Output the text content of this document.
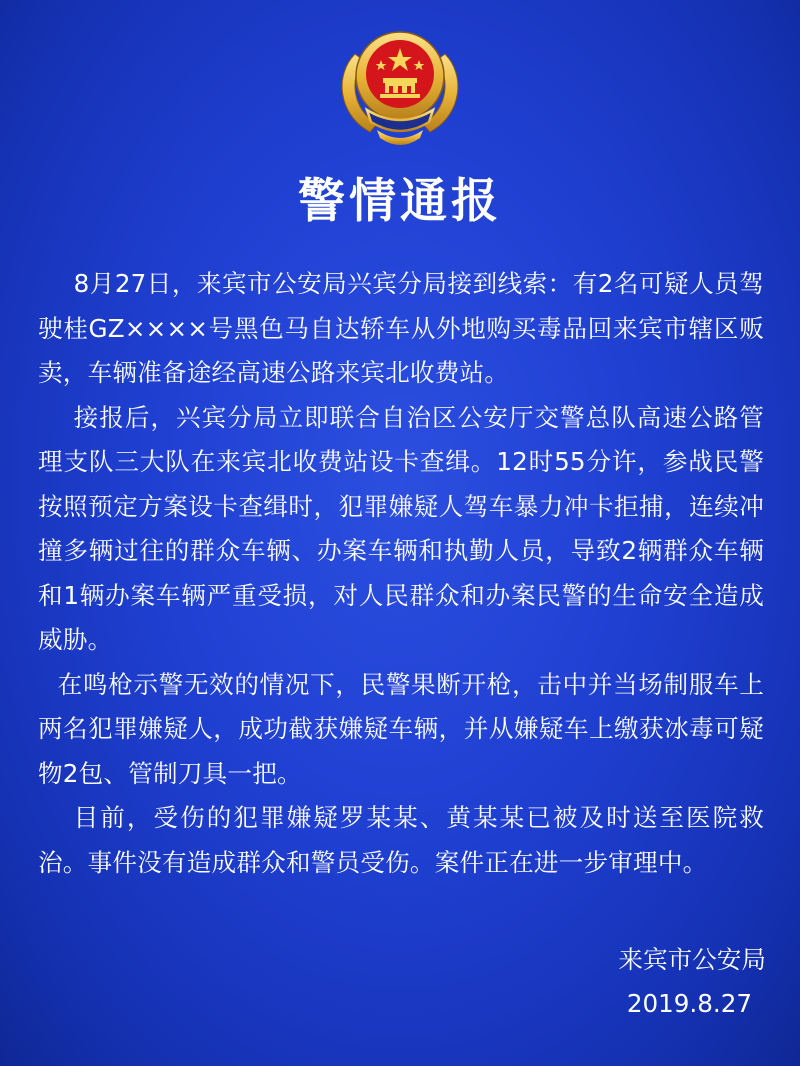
警情通报

8月27日，来宾市公安局兴宾分局接到线索：有2名可疑人员驾驶桂GZ××××号黑色马自达轿车从外地购买毒品回来宾市辖区贩卖，车辆准备途经高速公路来宾北收费站。

接报后，兴宾分局立即联合自治区公安厅交警总队高速公路管理支队三大队在来宾北收费站设卡查缉。12时55分许，参战民警按照预定方案设卡查缉时，犯罪嫌疑人驾车暴力冲卡拒捕，连续冲撞多辆过往的群众车辆、办案车辆和执勤人员，导致2辆群众车辆和1辆办案车辆严重受损，对人民群众和办案民警的生命安全造成威胁。

在鸣枪示警无效的情况下，民警果断开枪，击中并当场制服车上两名犯罪嫌疑人，成功截获嫌疑车辆，并从嫌疑车上缴获冰毒可疑物2包、管制刀具一把。

目前，受伤的犯罪嫌疑罗某某、黄某某已被及时送至医院救治。事件没有造成群众和警员受伤。案件正在进一步审理中。

来宾市公安局
2019.8.27
